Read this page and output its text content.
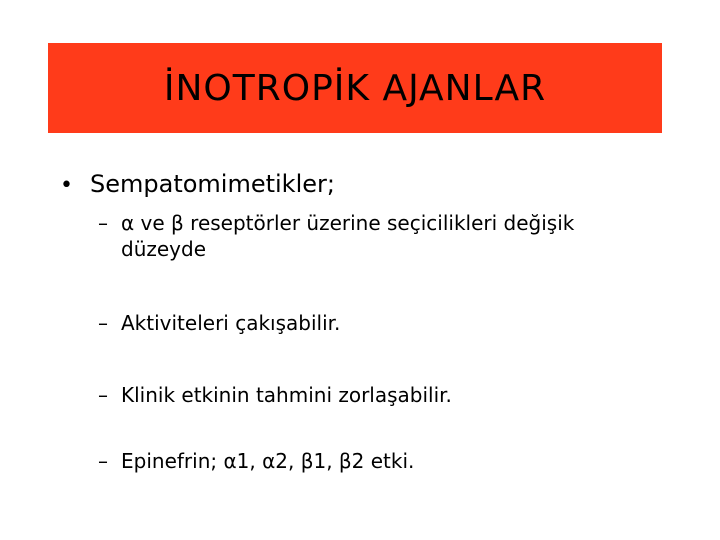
İNOTROPİK AJANLAR
• Sempatomimetikler;
– α ve β reseptörler üzerine seçicilikleri değişik düzeyde
– Aktiviteleri çakışabilir.
– Klinik etkinin tahmini zorlaşabilir.
– Epinefrin; α1, α2, β1, β2 etki.
